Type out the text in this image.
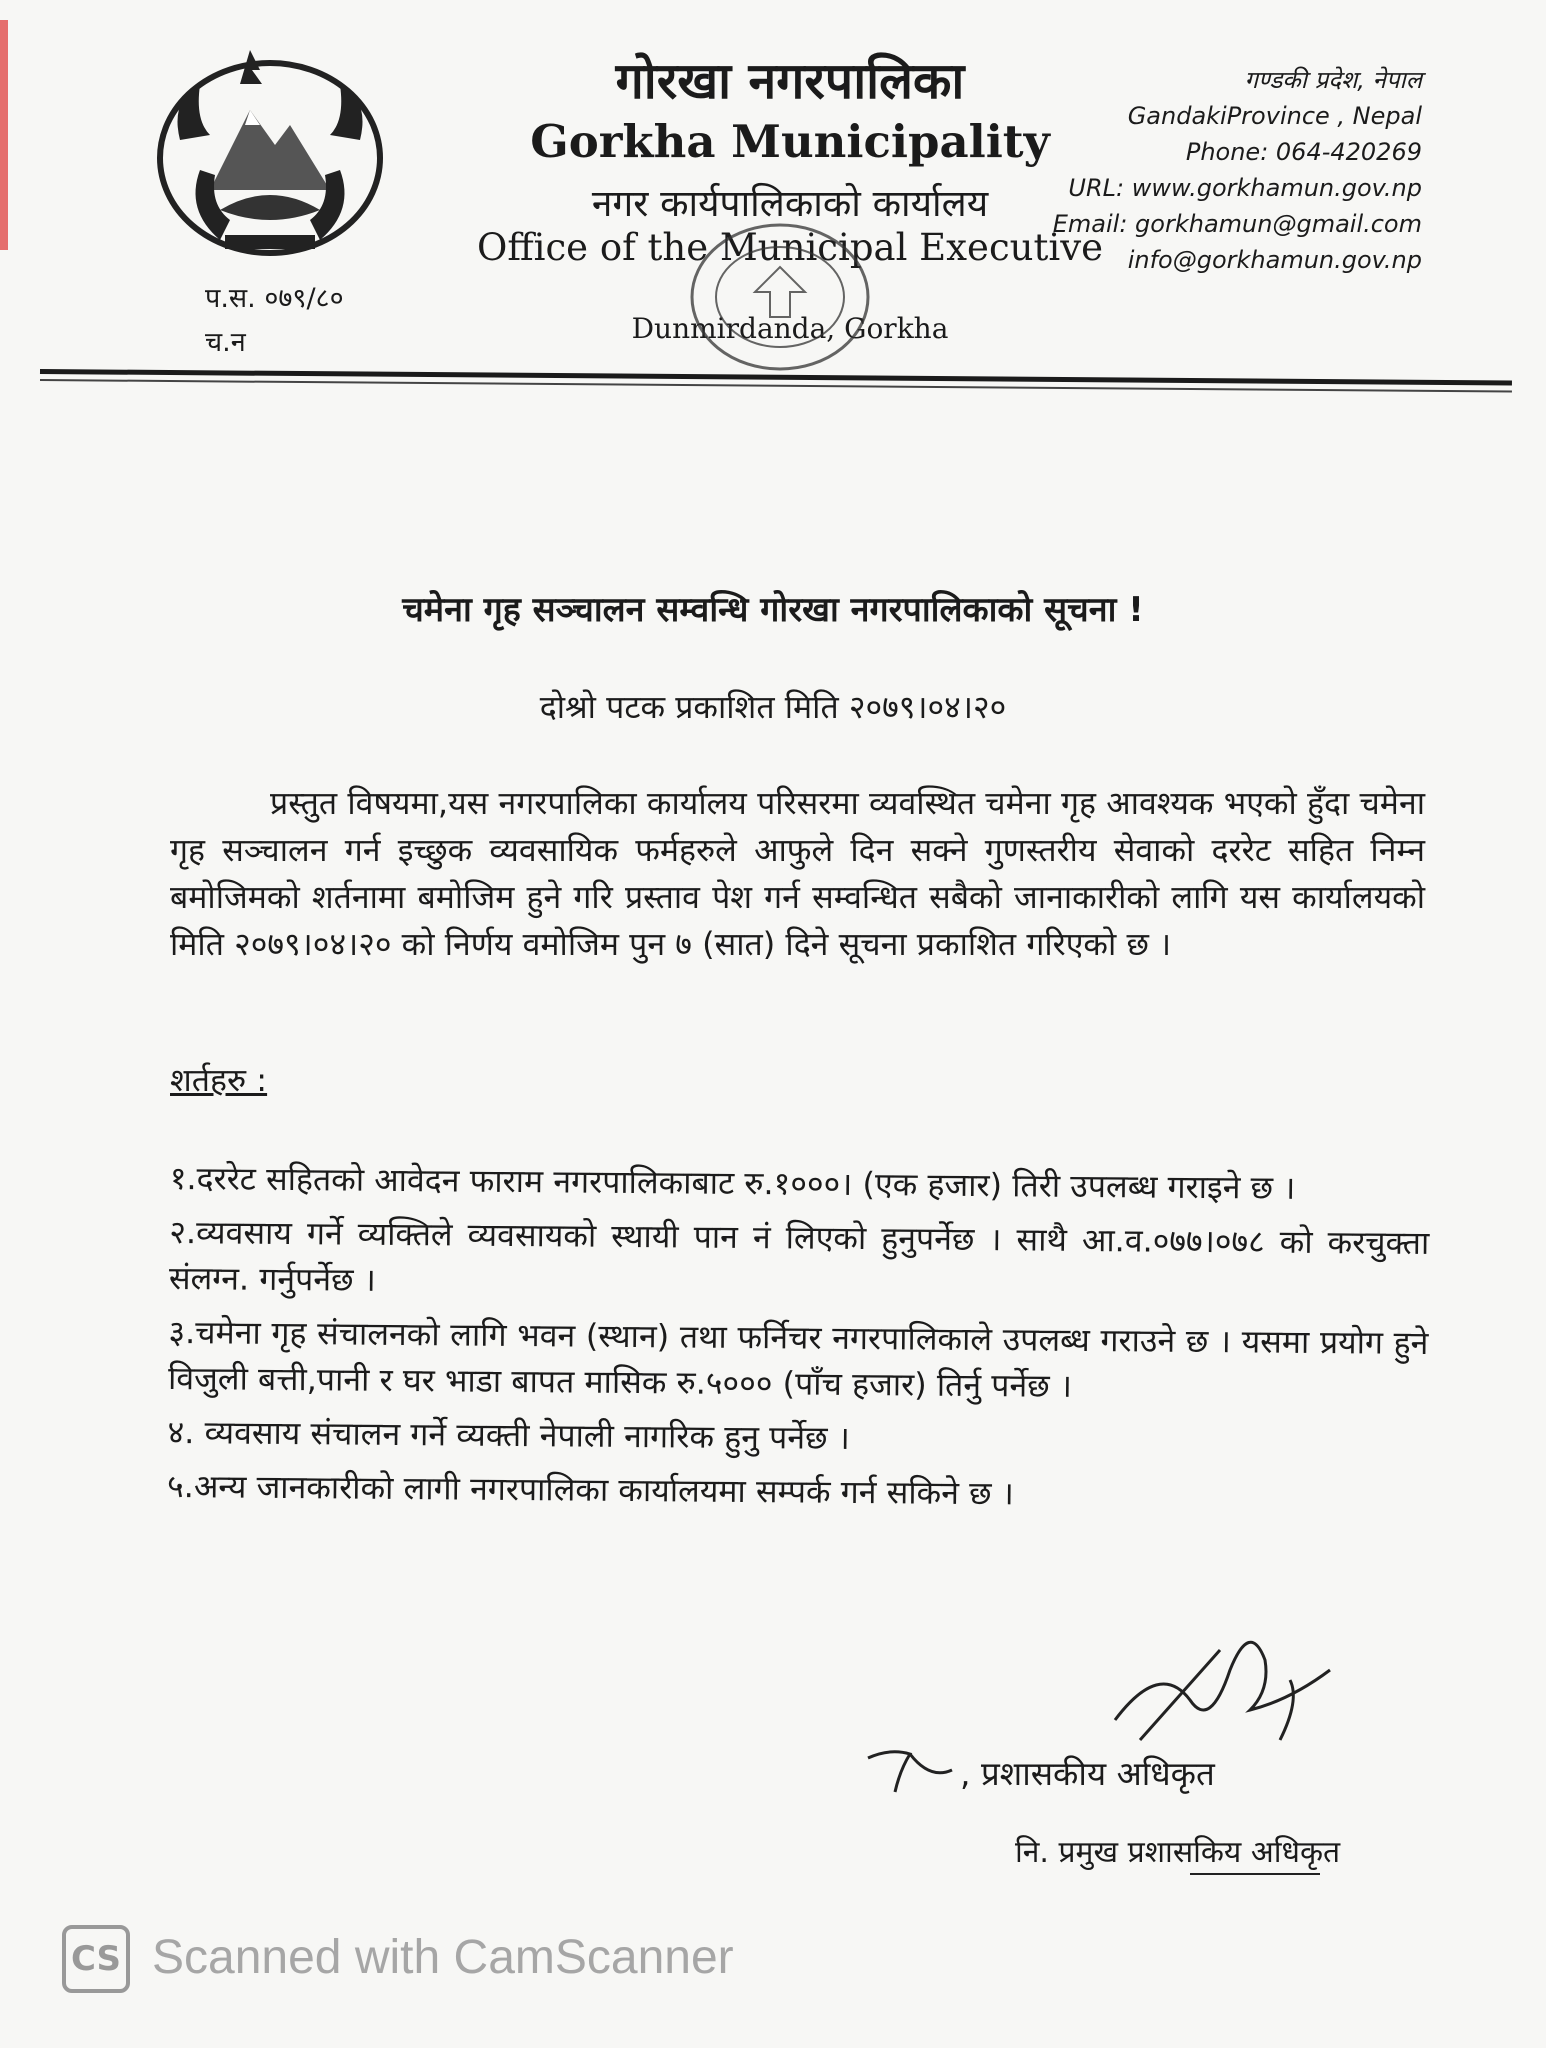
प.स. ०७९/८०
च.न
गोरखा नगरपालिका
Gorkha Municipality
नगर कार्यपालिकाको कार्यालय
Office of the Municipal Executive
Dunmirdanda, Gorkha
गण्डकी प्रदेश, नेपाल
GandakiProvince , Nepal
Phone: 064-420269
URL: www.gorkhamun.gov.np
Email: gorkhamun@gmail.com
info@gorkhamun.gov.np
चमेना गृह सञ्चालन सम्वन्धि गोरखा नगरपालिकाको सूचना !
दोश्रो पटक प्रकाशित मिति २०७९।०४।२०
प्रस्तुत विषयमा,यस नगरपालिका कार्यालय परिसरमा व्यवस्थित चमेना गृह आवश्यक भएको हुँदा चमेना गृह सञ्चालन गर्न इच्छुक व्यवसायिक फर्महरुले आफुले दिन सक्ने गुणस्तरीय सेवाको दररेट सहित निम्न बमोजिमको शर्तनामा बमोजिम हुने गरि प्रस्ताव पेश गर्न सम्वन्धित सबैको जानाकारीको लागि यस कार्यालयको मिति २०७९।०४।२० को निर्णय वमोजिम पुन ७ (सात) दिने सूचना प्रकाशित गरिएको छ ।
शर्तहरु :

१.दररेट सहितको आवेदन फाराम नगरपालिकाबाट रु.१०००। (एक हजार) तिरी उपलब्ध गराइने छ ।

२.व्यवसाय गर्ने व्यक्तिले व्यवसायको स्थायी पान नं लिएको हुनुपर्नेछ । साथै आ.व.०७७।०७८ को करचुक्ता संलग्न. गर्नुपर्नेछ ।

३.चमेना गृह संचालनको लागि भवन (स्थान) तथा फर्निचर नगरपालिकाले उपलब्ध गराउने छ । यसमा प्रयोग हुने विजुली बत्ती,पानी र घर भाडा बापत मासिक रु.५००० (पाँच हजार) तिर्नु पर्नेछ ।

४. व्यवसाय संचालन गर्ने व्यक्ती नेपाली नागरिक हुनु पर्नेछ ।

५.अन्य जानकारीको लागी नगरपालिका कार्यालयमा सम्पर्क गर्न सकिने छ ।

, प्रशासकीय अधिकृत
नि. प्रमुख प्रशासकिय अधिकृत
CS Scanned with CamScanner
